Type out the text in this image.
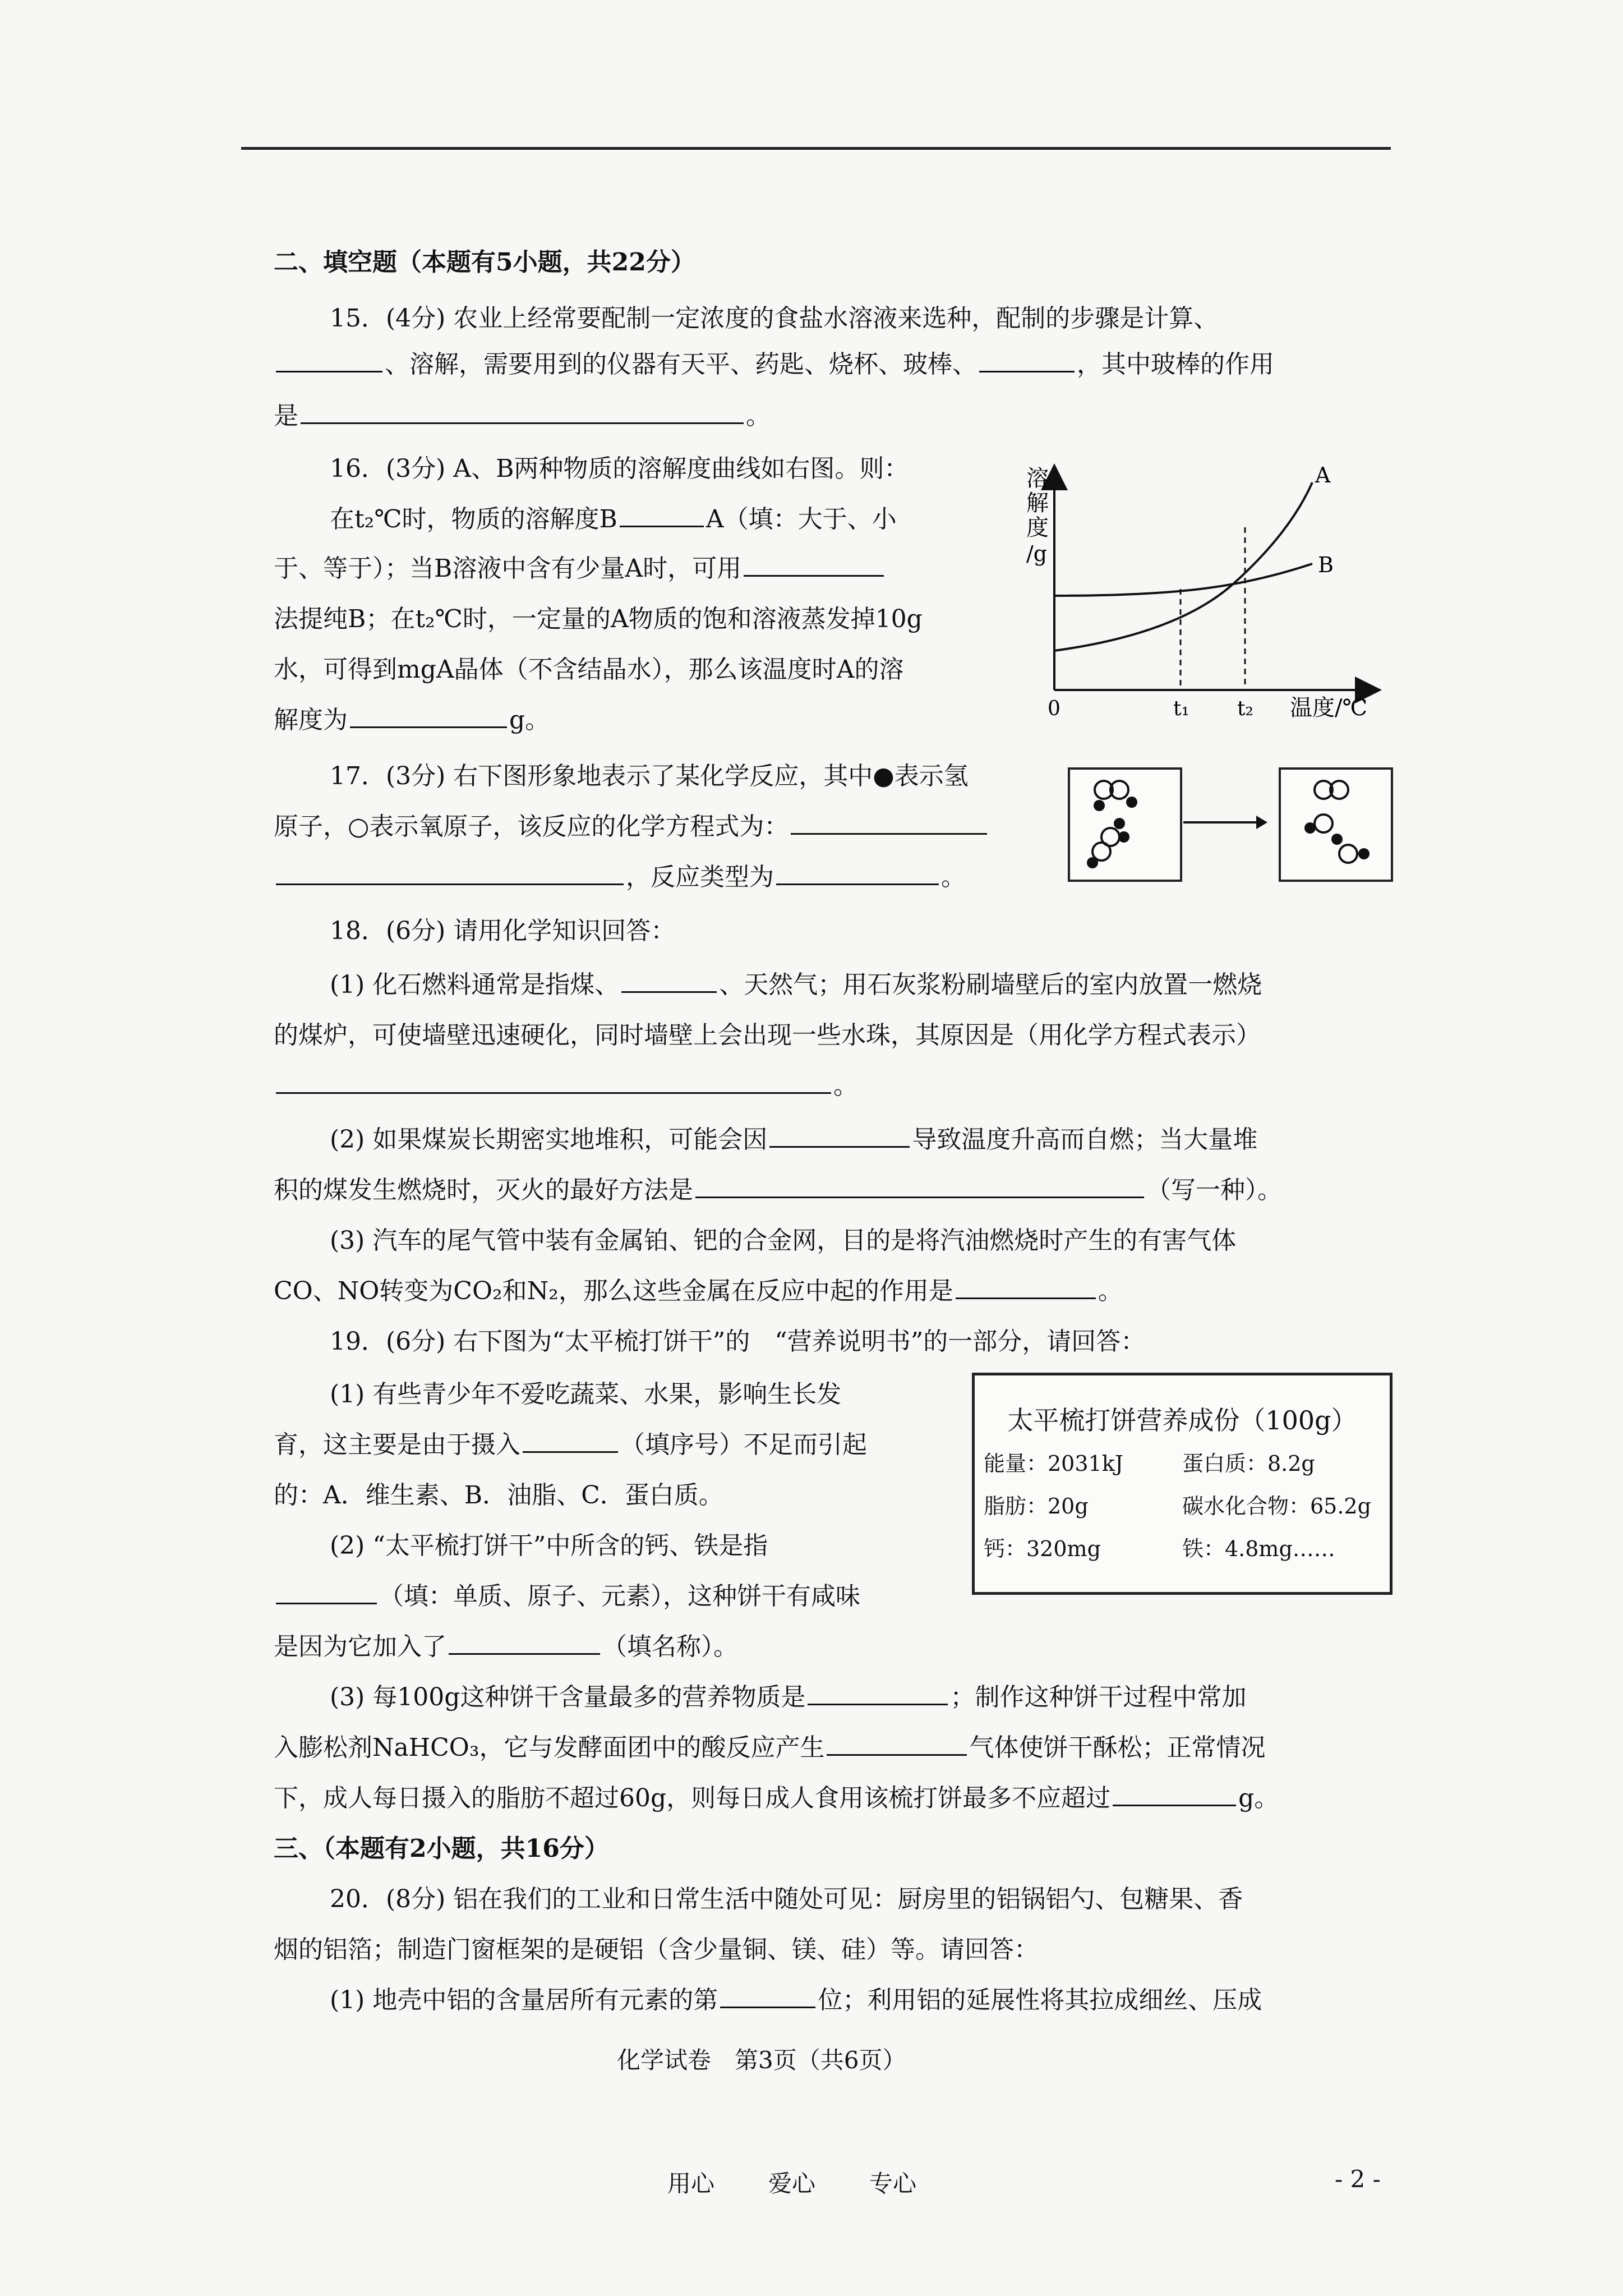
二、填空题（本题有5小题，共22分）
15．(4分) 农业上经常要配制一定浓度的食盐水溶液来选种，配制的步骤是计算、
、溶解，需要用到的仪器有天平、药匙、烧杯、玻棒、	，其中玻棒的作用
是	。
16．(3分) A、B两种物质的溶解度曲线如右图。则：
在t₂℃时，物质的溶解度B	A（填：大于、小
于、等于）；当B溶液中含有少量A时，可用
法提纯B；在t₂℃时，一定量的A物质的饱和溶液蒸发掉10g
水，可得到mgA晶体（不含结晶水），那么该温度时A的溶
解度为	g。
溶
解
度
/g
0	t₁ t₂ 温度/℃
A
B
17．(3分) 右下图形象地表示了某化学反应，其中●表示氢
原子，○表示氧原子，该反应的化学方程式为：
，反应类型为	。
18．(6分) 请用化学知识回答：
(1) 化石燃料通常是指煤、	、天然气；用石灰浆粉刷墙壁后的室内放置一燃烧
的煤炉，可使墙壁迅速硬化，同时墙壁上会出现一些水珠，其原因是（用化学方程式表示）
。
(2) 如果煤炭长期密实地堆积，可能会因	导致温度升高而自燃；当大量堆
积的煤发生燃烧时，灭火的最好方法是	（写一种）。
(3) 汽车的尾气管中装有金属铂、钯的合金网，目的是将汽油燃烧时产生的有害气体
CO、NO转变为CO₂和N₂，那么这些金属在反应中起的作用是	。
19．(6分) 右下图为“太平梳打饼干”的　“营养说明书”的一部分，请回答：
(1) 有些青少年不爱吃蔬菜、水果，影响生长发
育，这主要是由于摄入	（填序号）不足而引起
的：A．维生素、B．油脂、C．蛋白质。
(2) “太平梳打饼干”中所含的钙、铁是指
（填：单质、原子、元素），这种饼干有咸味
是因为它加入了	（填名称）。
(3) 每100g这种饼干含量最多的营养物质是	；制作这种饼干过程中常加
入膨松剂NaHCO₃，它与发酵面团中的酸反应产生	气体使饼干酥松；正常情况
下，成人每日摄入的脂肪不超过60g，则每日成人食用该梳打饼最多不应超过	g。
太平梳打饼营养成份（100g）
能量：2031kJ	蛋白质：8.2g
脂肪：20g	碳水化合物：65.2g
钙：320mg	铁：4.8mg……
三、（本题有2小题，共16分）
20．(8分) 铝在我们的工业和日常生活中随处可见：厨房里的铝锅铝勺、包糖果、香
烟的铝箔；制造门窗框架的是硬铝（含少量铜、镁、硅）等。请回答：
(1) 地壳中铝的含量居所有元素的第	位；利用铝的延展性将其拉成细丝、压成
化学试卷　第3页（共6页）
用心 爱心 专心	- 2 -
